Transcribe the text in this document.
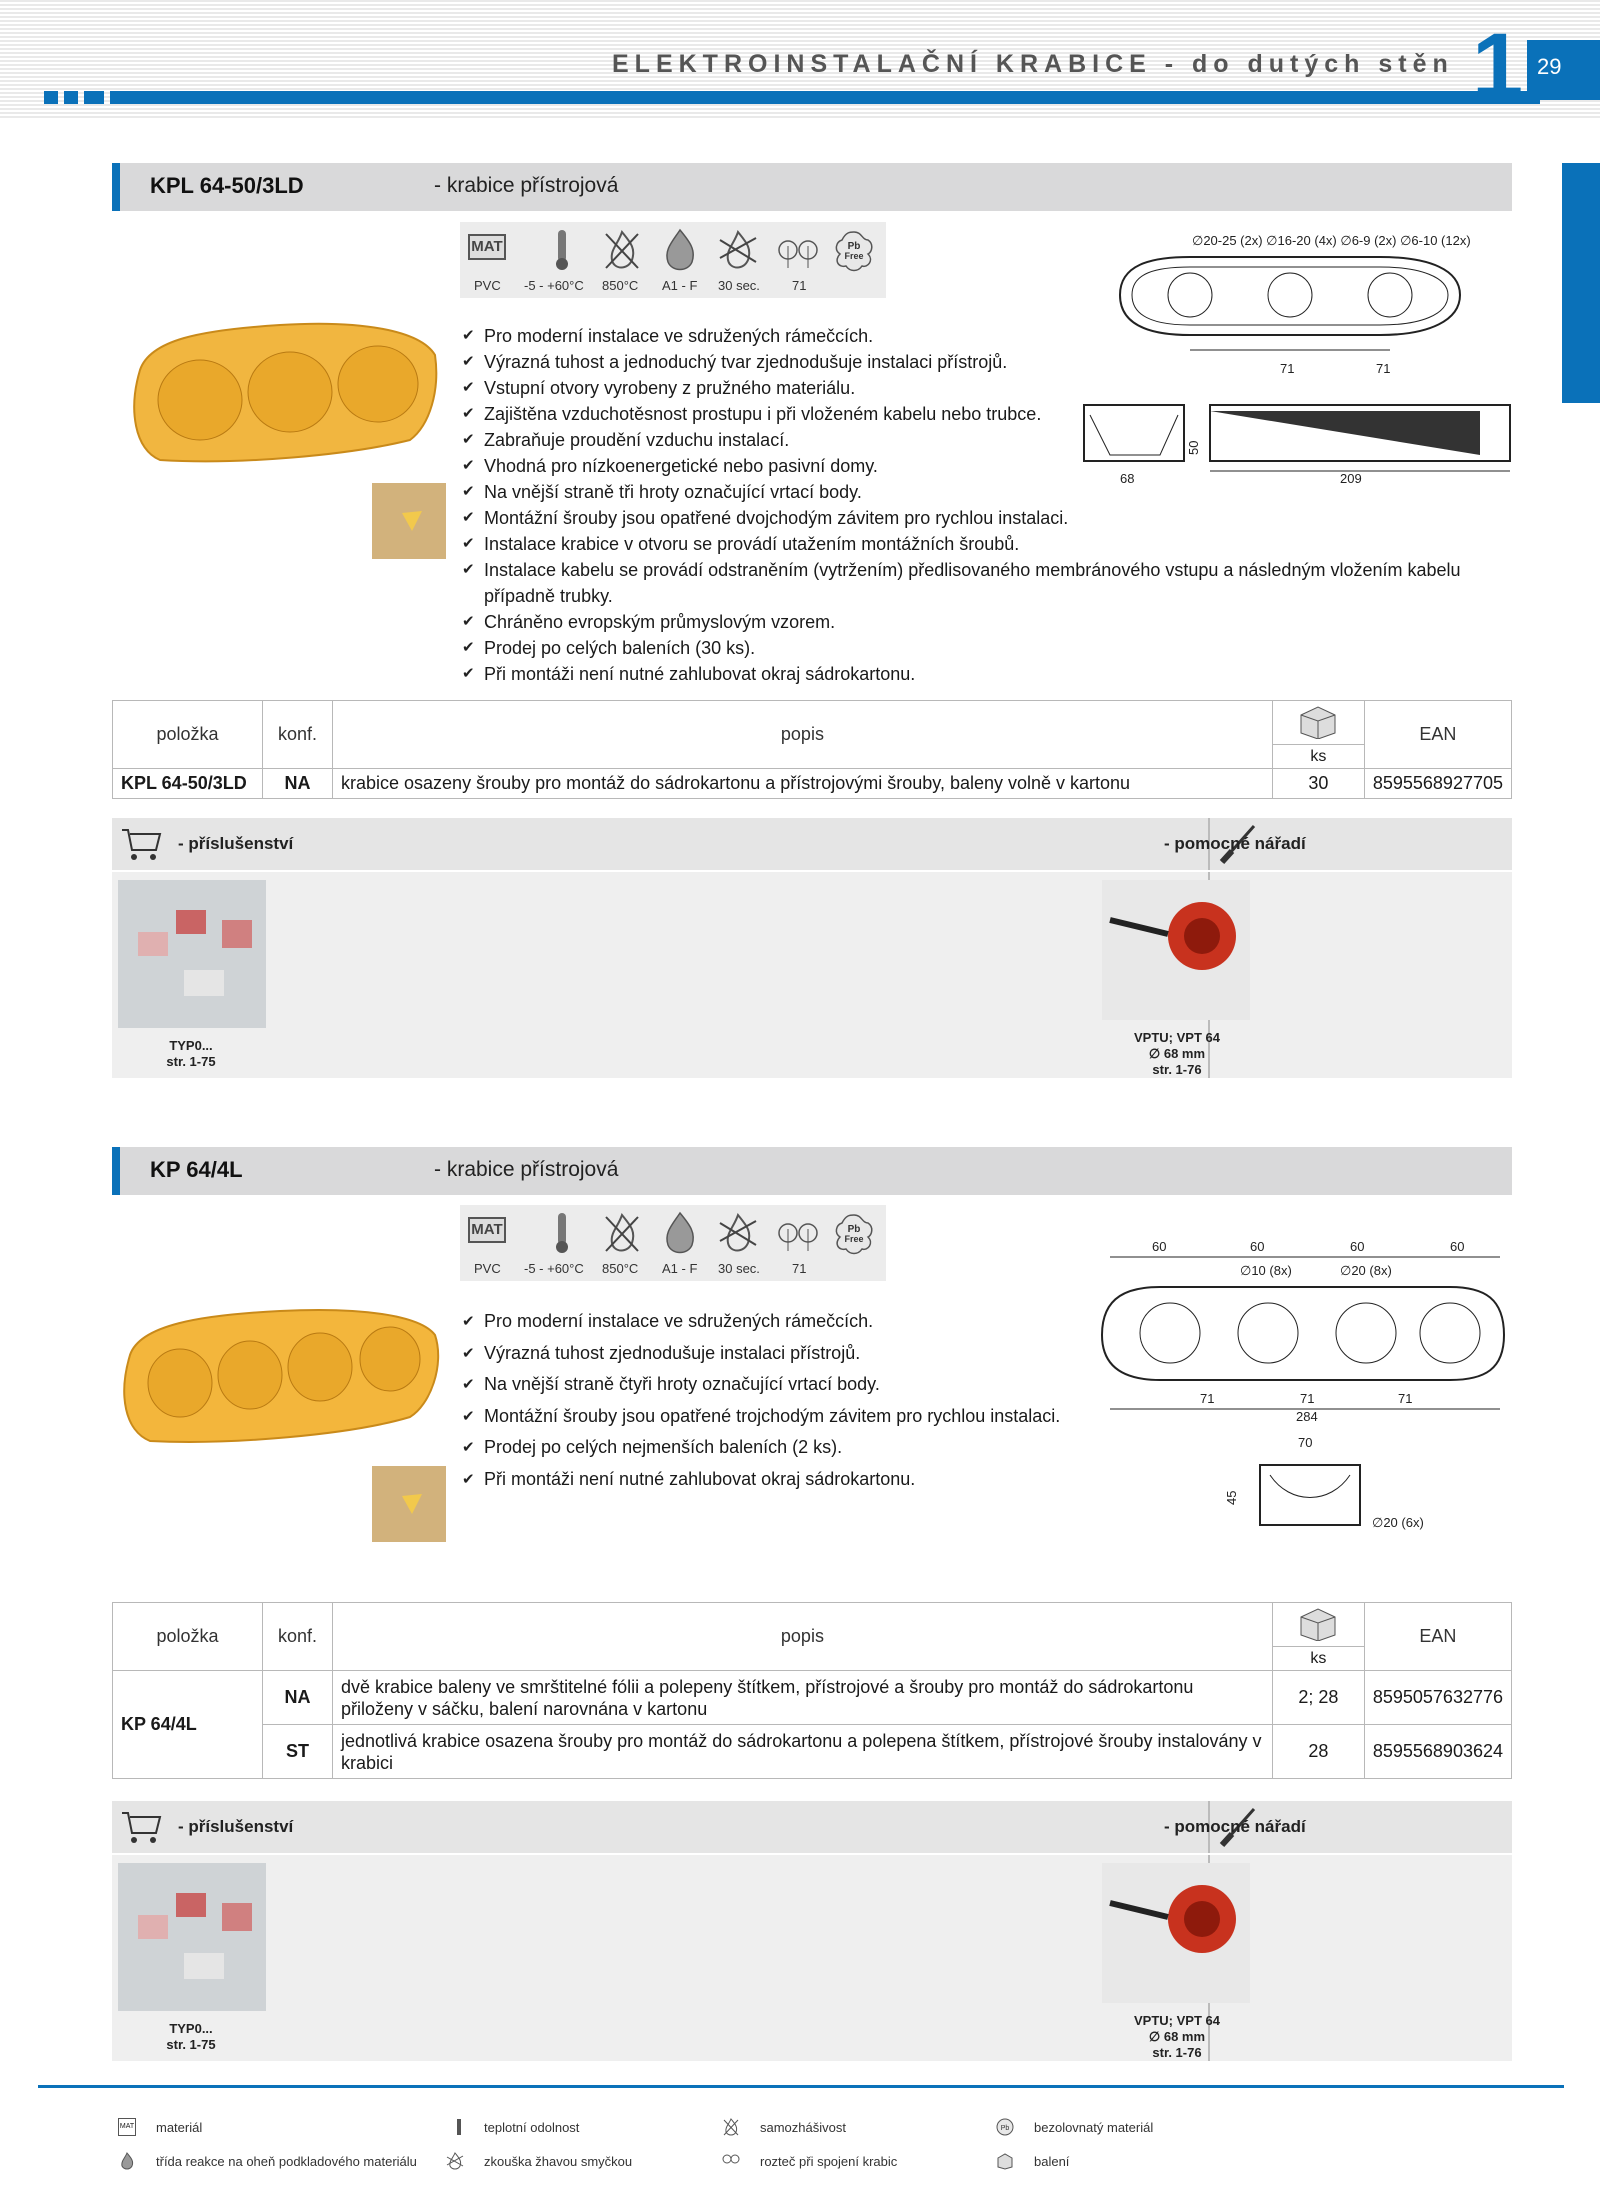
ELEKTROINSTALAČNÍ KRABICE - do dutých stěn 1 29
KPL 64-50/3LD	- krabice přístrojová
MAT	Pb
Free
PVC -5 - +60°C 850°C A1 - F 30 sec. 71
∅20-25 (2x) ∅16-20 (4x) ∅6-9 (2x) ∅6-10 (12x)
71	71
50
68	209
✔ Pro moderní instalace ve sdružených rámečcích.
✔ Výrazná tuhost a jednoduchý tvar zjednodušuje instalaci přístrojů.
✔ Vstupní otvory vyrobeny z pružného materiálu.
✔ Zajištěna vzduchotěsnost prostupu i při vloženém kabelu nebo trubce.
✔ Zabraňuje proudění vzduchu instalací.
✔ Vhodná pro nízkoenergetické nebo pasivní domy.
✔ Na vnější straně tři hroty označující vrtací body.
✔ Montážní šrouby jsou opatřené dvojchodým závitem pro rychlou instalaci.
✔ Instalace krabice v otvoru se provádí utažením montážních šroubů.
✔ Instalace kabelu se provádí odstraněním (vytržením) předlisovaného membránového vstupu a následným vložením kabelu případně trubky.
✔ Chráněno evropským průmyslovým vzorem.
✔ Prodej po celých baleních (30 ks).
✔ Při montáži není nutné zahlubovat okraj sádrokartonu.
položka	konf.	popis		EAN
			ks	
KPL 64-50/3LD	NA	krabice osazeny šrouby pro montáž do sádrokartonu a přístrojovými šrouby, baleny volně v kartonu	30	8595568927705
- příslušenství	- pomocné nářadí
TYP0...
str. 1-75
VPTU; VPT 64
∅ 68 mm
str. 1-76
KP 64/4L	- krabice přístrojová
MAT	Pb
Free
PVC -5 - +60°C 850°C A1 - F 30 sec. 71
60	60	60	60
∅10 (8x)	∅20 (8x)
71	71	71
284
70
45
∅20 (6x)
✔ Pro moderní instalace ve sdružených rámečcích.
✔ Výrazná tuhost zjednodušuje instalaci přístrojů.
✔ Na vnější straně čtyři hroty označující vrtací body.
✔ Montážní šrouby jsou opatřené trojchodým závitem pro rychlou instalaci.
✔ Prodej po celých nejmenších baleních (2 ks).
✔ Při montáži není nutné zahlubovat okraj sádrokartonu.
položka	konf.	popis		EAN
			ks	
KP 64/4L	NA	dvě krabice baleny ve smrštitelné fólii a polepeny štítkem, přístrojové a šrouby pro montáž do sádrokartonu přiloženy v sáčku, balení narovnána v kartonu	2; 28	8595057632776
	ST	jednotlivá krabice osazena šrouby pro montáž do sádrokartonu a polepena štítkem, přístrojové šrouby instalovány v krabici	28	8595568903624
- příslušenství	- pomocné nářadí
TYP0...
str. 1-75
VPTU; VPT 64
∅ 68 mm
str. 1-76
MAT materiál	teplotní odolnost	samozhášivost	Pb bezolovnatý materiál
třída reakce na oheň podkladového materiálu	zkouška žhavou smyčkou	rozteč při spojení krabic	balení
